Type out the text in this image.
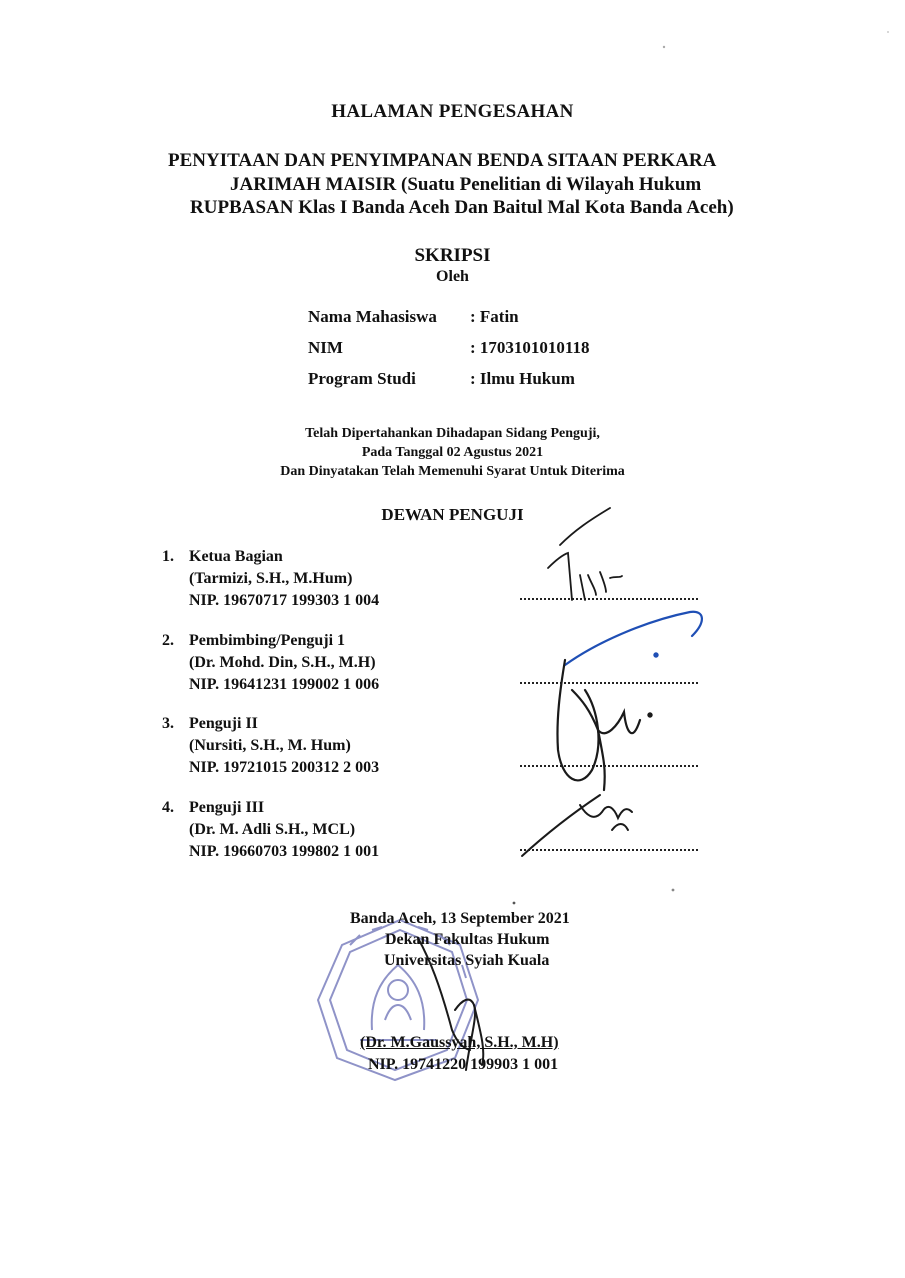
HALAMAN PENGESAHAN
PENYITAAN DAN PENYIMPANAN BENDA SITAAN PERKARA
JARIMAH MAISIR (Suatu Penelitian di Wilayah Hukum
RUPBASAN Klas I Banda Aceh Dan Baitul Mal Kota Banda Aceh)
SKRIPSI
Oleh
Nama Mahasiswa : Fatin
NIM	: 1703101010118
Program Studi	: Ilmu Hukum
Telah Dipertahankan Dihadapan Sidang Penguji,
Pada Tanggal 02 Agustus 2021
Dan Dinyatakan Telah Memenuhi Syarat Untuk Diterima
DEWAN PENGUJI
1. Ketua Bagian
(Tarmizi, S.H., M.Hum)
NIP. 19670717 199303 1 004
2. Pembimbing/Penguji 1
(Dr. Mohd. Din, S.H., M.H)
NIP. 19641231 199002 1 006
3. Penguji II
(Nursiti, S.H., M. Hum)
NIP. 19721015 200312 2 003
4. Penguji III
(Dr. M. Adli S.H., MCL)
NIP. 19660703 199802 1 001
Banda Aceh, 13 September 2021
Dekan Fakultas Hukum
Universitas Syiah Kuala
(Dr. M.Gaussyah, S.H., M.H)
NIP. 19741220 199903 1 001
